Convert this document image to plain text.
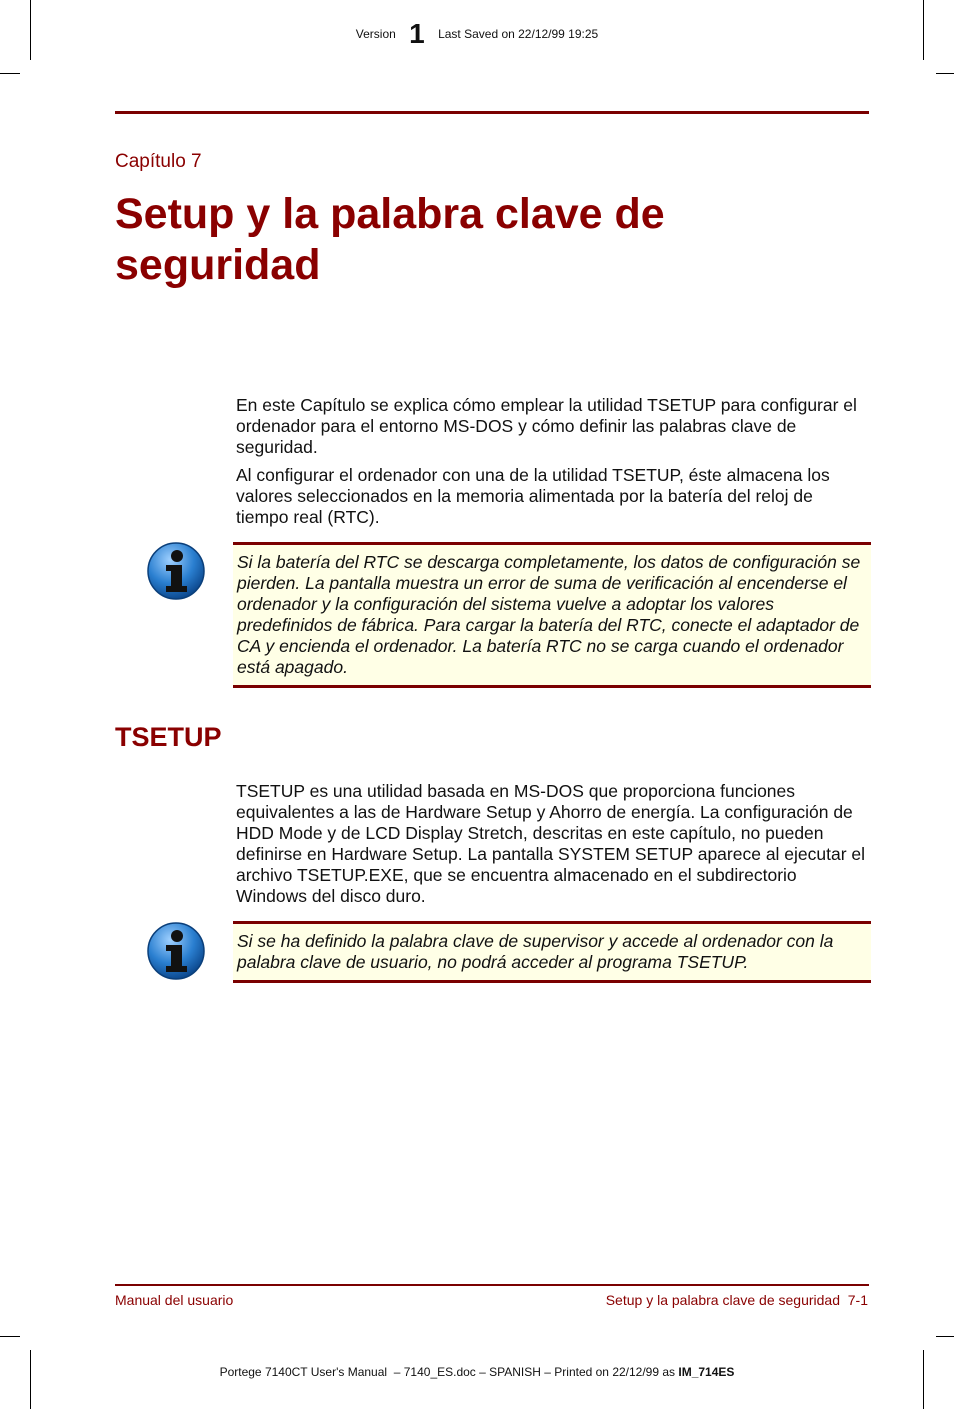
Version 1 Last Saved on 22/12/99 19:25
Capítulo 7
Setup y la palabra clave de
seguridad

En este Capítulo se explica cómo emplear la utilidad TSETUP para configurar el ordenador para el entorno MS-DOS y cómo definir las palabras clave de seguridad.

Al configurar el ordenador con una de la utilidad TSETUP, éste almacena los valores seleccionados en la memoria alimentada por la batería del reloj de tiempo real (RTC).

Si la batería del RTC se descarga completamente, los datos de configuración se pierden. La pantalla muestra un error de suma de verificación al encenderse el ordenador y la configuración del sistema vuelve a adoptar los valores predefinidos de fábrica. Para cargar la batería del RTC, conecte el adaptador de CA y encienda el ordenador. La batería RTC no se carga cuando el ordenador está apagado.
TSETUP

TSETUP es una utilidad basada en MS-DOS que proporciona funciones equivalentes a las de Hardware Setup y Ahorro de energía. La configuración de HDD Mode y de LCD Display Stretch, descritas en este capítulo, no pueden definirse en Hardware Setup. La pantalla SYSTEM SETUP aparece al ejecutar el archivo TSETUP.EXE, que se encuentra almacenado en el subdirectorio Windows del disco duro.

Si se ha definido la palabra clave de supervisor y accede al ordenador con la palabra clave de usuario, no podrá acceder al programa TSETUP.
Manual del usuario	Setup y la palabra clave de seguridad  7-1
Portege 7140CT User's Manual  – 7140_ES.doc – SPANISH – Printed on 22/12/99 as IM_714ES
